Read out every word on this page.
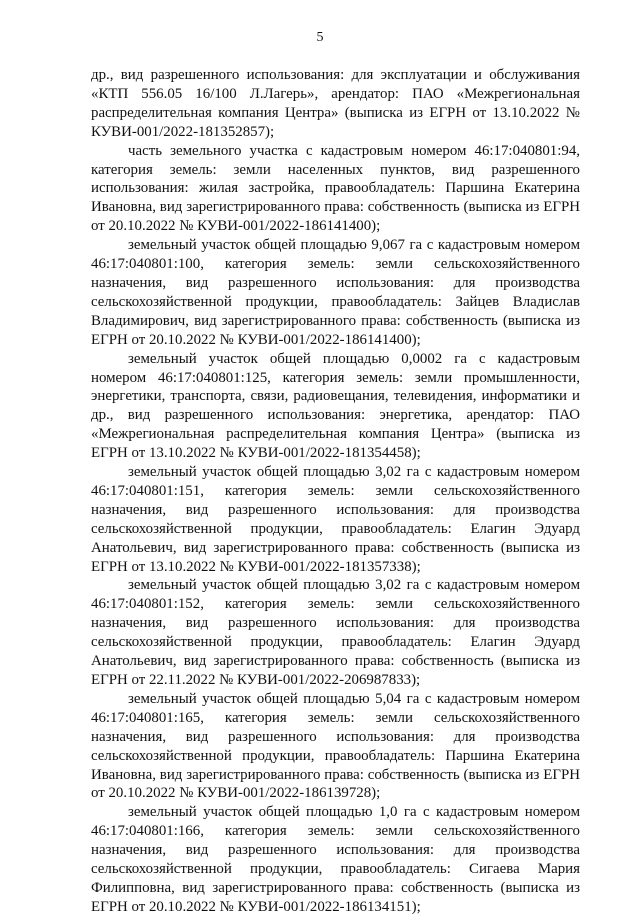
5

др., вид разрешенного использования: для эксплуатации и обслуживания «КТП 556.05 16/100 Л.Лагерь», арендатор: ПАО «Межрегиональная распределительная компания Центра» (выписка из ЕГРН от 13.10.2022 № КУВИ-001/2022-181352857);

часть земельного участка с кадастровым номером 46:17:040801:94, категория земель: земли населенных пунктов, вид разрешенного использования: жилая застройка, правообладатель: Паршина Екатерина Ивановна, вид зарегистрированного права: собственность (выписка из ЕГРН от 20.10.2022 № КУВИ-001/2022-186141400);

земельный участок общей площадью 9,067 га с кадастровым номером 46:17:040801:100, категория земель: земли сельскохозяйственного назначения, вид разрешенного использования: для производства сельскохозяйственной продукции, правообладатель: Зайцев Владислав Владимирович, вид зарегистрированного права: собственность (выписка из ЕГРН от 20.10.2022 № КУВИ-001/2022-186141400);

земельный участок общей площадью 0,0002 га с кадастровым номером 46:17:040801:125, категория земель: земли промышленности, энергетики, транспорта, связи, радиовещания, телевидения, информатики и др., вид разрешенного использования: энергетика, арендатор: ПАО «Межрегиональная распределительная компания Центра» (выписка из ЕГРН от 13.10.2022 № КУВИ-001/2022-181354458);

земельный участок общей площадью 3,02 га с кадастровым номером 46:17:040801:151, категория земель: земли сельскохозяйственного назначения, вид разрешенного использования: для производства сельскохозяйственной продукции, правообладатель: Елагин Эдуард Анатольевич, вид зарегистрированного права: собственность (выписка из ЕГРН от 13.10.2022 № КУВИ-001/2022-181357338);

земельный участок общей площадью 3,02 га с кадастровым номером 46:17:040801:152, категория земель: земли сельскохозяйственного назначения, вид разрешенного использования: для производства сельскохозяйственной продукции, правообладатель: Елагин Эдуард Анатольевич, вид зарегистрированного права: собственность (выписка из ЕГРН от 22.11.2022 № КУВИ-001/2022-206987833);

земельный участок общей площадью 5,04 га с кадастровым номером 46:17:040801:165, категория земель: земли сельскохозяйственного назначения, вид разрешенного использования: для производства сельскохозяйственной продукции, правообладатель: Паршина Екатерина Ивановна, вид зарегистрированного права: собственность (выписка из ЕГРН от 20.10.2022 № КУВИ-001/2022-186139728);

земельный участок общей площадью 1,0 га с кадастровым номером 46:17:040801:166, категория земель: земли сельскохозяйственного назначения, вид разрешенного использования: для производства сельскохозяйственной продукции, правообладатель: Сигаева Мария Филипповна, вид зарегистрированного права: собственность (выписка из ЕГРН от 20.10.2022 № КУВИ-001/2022-186134151);
